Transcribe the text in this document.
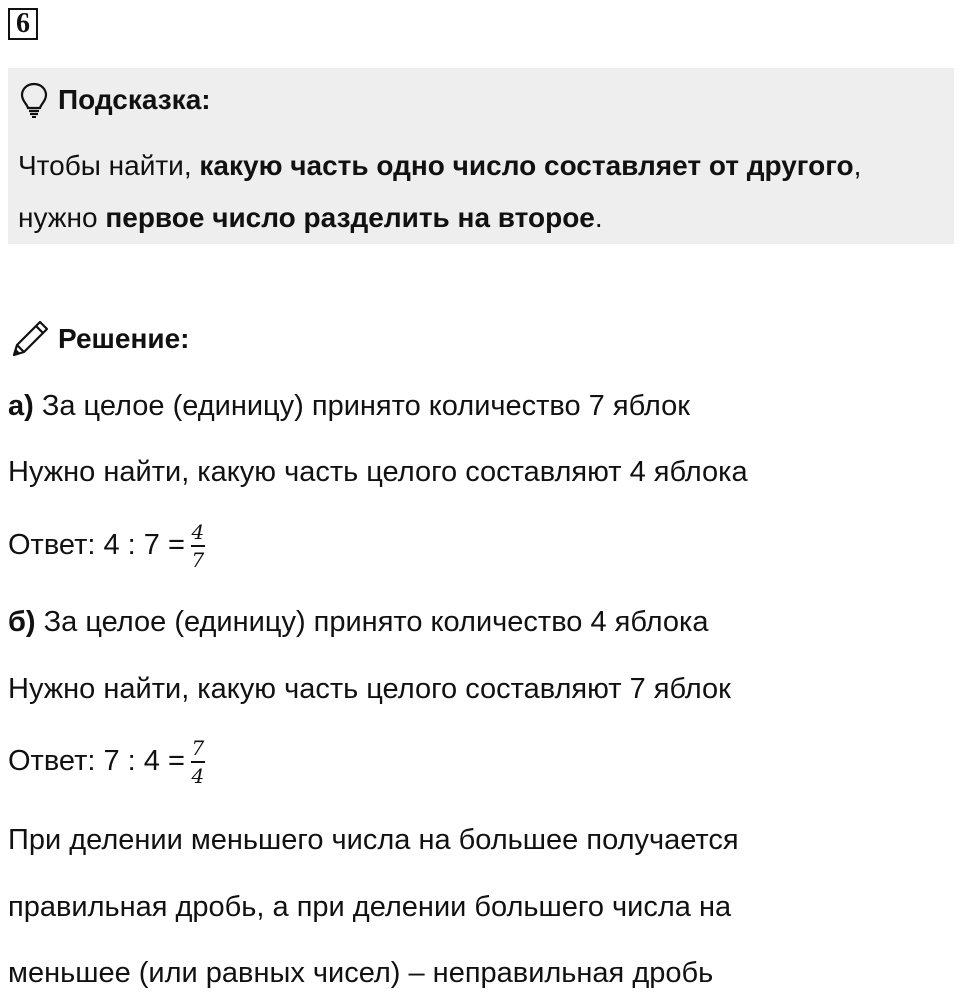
6
Подсказка:
Чтобы найти, какую часть одно число составляет от другого, нужно первое число разделить на второе.
Решение:
а) За целое (единицу) принято количество 7 яблок
Нужно найти, какую часть целого составляют 4 яблока
Ответ: 4 : $7 = \frac{4}{7}$
б) За целое (единицу) принято количество 4 яблока
Нужно найти, какую часть целого составляют 7 яблок
Ответ: 7 : $4 = \frac{7}{4}$
При делении меньшего числа на большее получается
правильная дробь, а при делении большего числа на
меньшее (или равных чисел) – неправильная дробь
